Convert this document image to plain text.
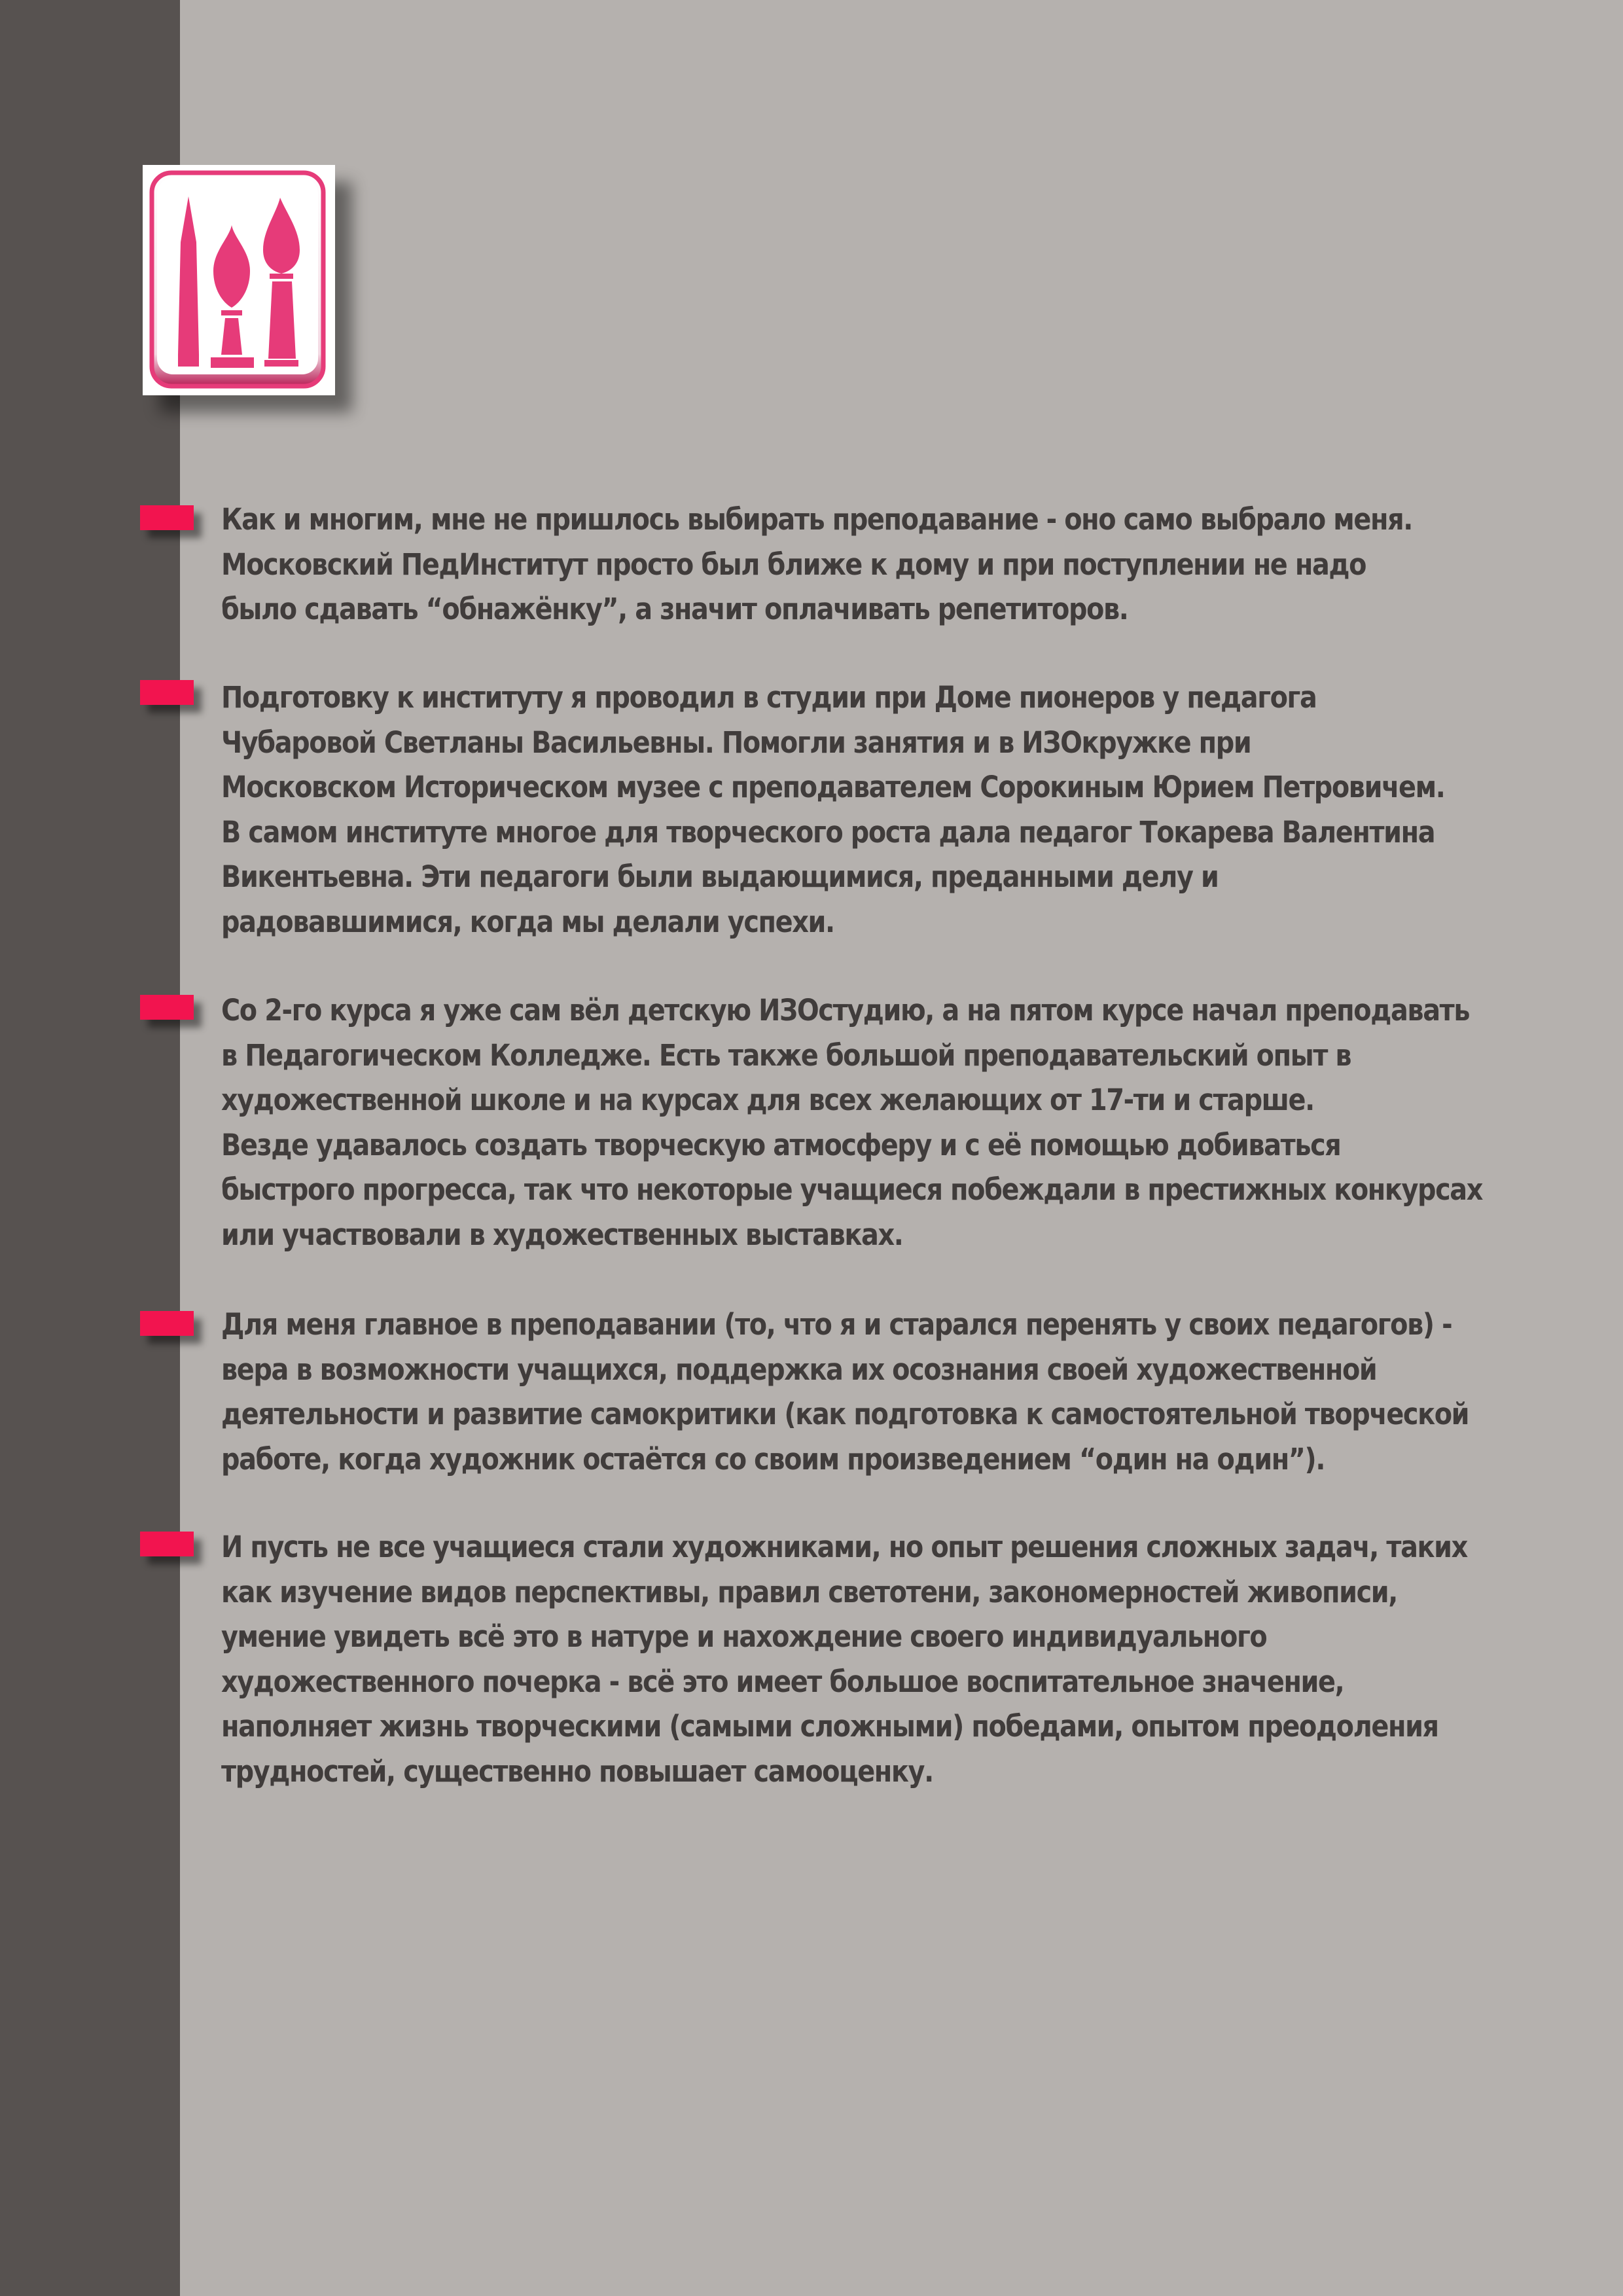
Как и многим, мне не пришлось выбирать преподавание - оно само выбрало меня.
Московский ПедИнститут просто был ближе к дому и при поступлении не надо
было сдавать “обнажёнку”, а значит оплачивать репетиторов.
Подготовку к институту я проводил в студии при Доме пионеров у педагога
Чубаровой Светланы Васильевны. Помогли занятия и в ИЗОкружке при
Московском Историческом музее с преподавателем Сорокиным Юрием Петровичем.
В самом институте многое для творческого роста дала педагог Токарева Валентина
Викентьевна. Эти педагоги были выдающимися, преданными делу и
радовавшимися, когда мы делали успехи.
Со 2-го курса я уже сам вёл детскую ИЗОстудию, а на пятом курсе начал преподавать
в Педагогическом Колледже. Есть также большой преподавательский опыт в
художественной школе и на курсах для всех желающих от 17-ти и старше.
Везде удавалось создать творческую атмосферу и с её помощью добиваться
быстрого прогресса, так что некоторые учащиеся побеждали в престижных конкурсах
или участвовали в художественных выставках.
Для меня главное в преподавании (то, что я и старался перенять у своих педагогов) -
вера в возможности учащихся, поддержка их осознания своей художественной
деятельности и развитие самокритики (как подготовка к самостоятельной творческой
работе, когда художник остаётся со своим произведением “один на один”).
И пусть не все учащиеся стали художниками, но опыт решения сложных задач, таких
как изучение видов перспективы, правил светотени, закономерностей живописи,
умение увидеть всё это в натуре и нахождение своего индивидуального
художественного почерка - всё это имеет большое воспитательное значение,
наполняет жизнь творческими (самыми сложными) победами, опытом преодоления
трудностей, существенно повышает самооценку.
